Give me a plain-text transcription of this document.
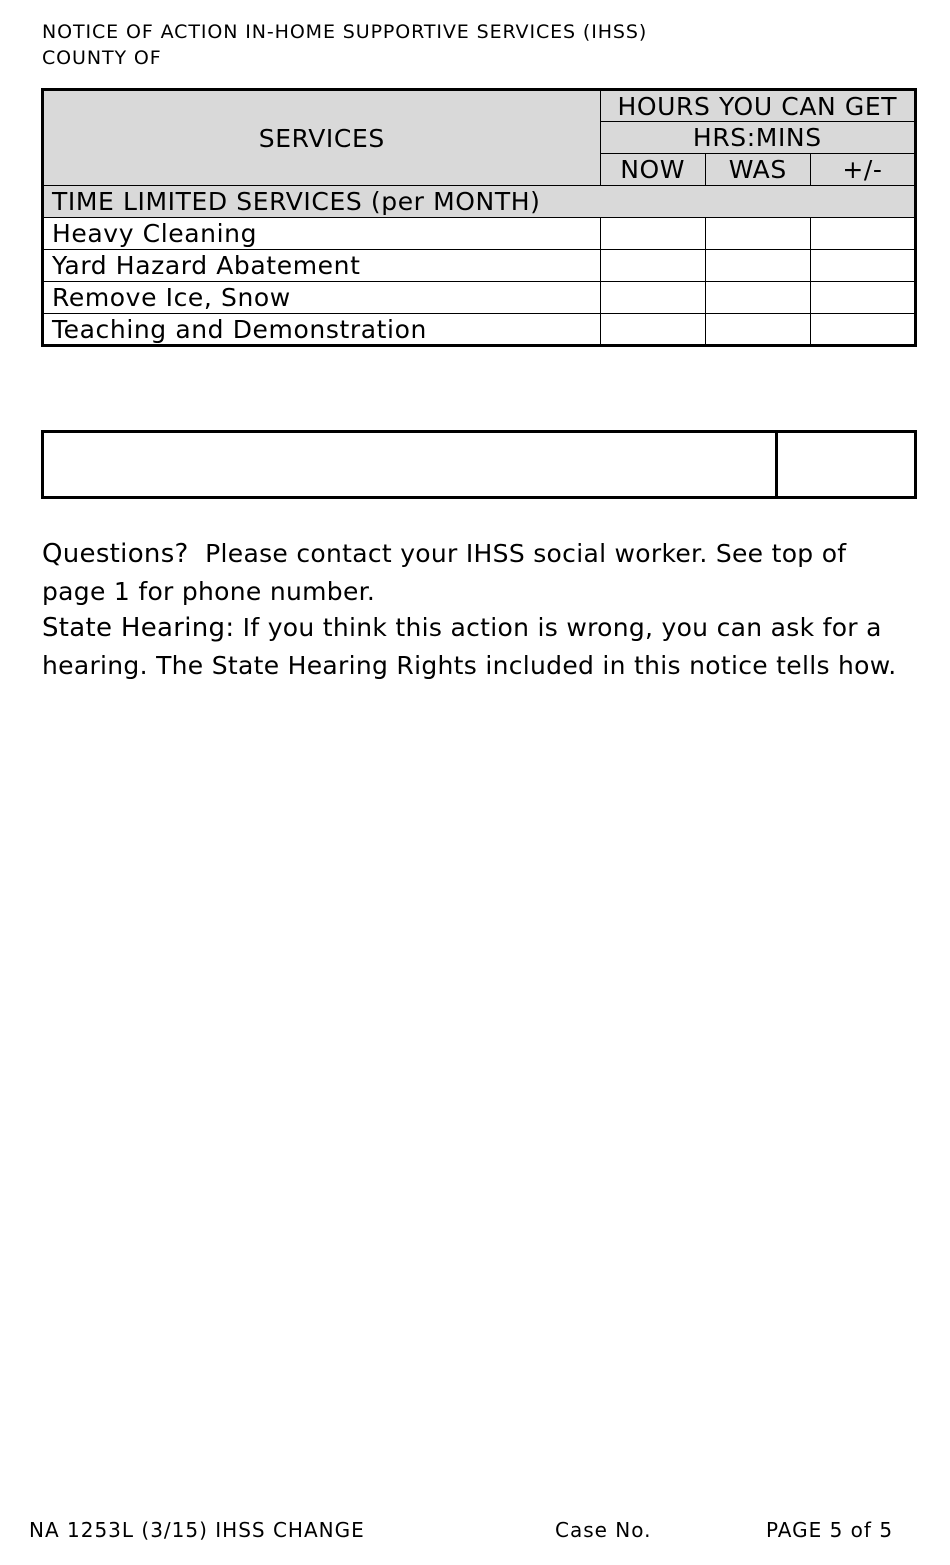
NOTICE OF ACTION IN-HOME SUPPORTIVE SERVICES (IHSS)
COUNTY OF
SERVICES	HOURS YOU CAN GET		
	HRS:MINS		
	NOW	WAS	+/-
TIME LIMITED SERVICES (per MONTH)			
Heavy Cleaning			
Yard Hazard Abatement			
Remove Ice, Snow			
Teaching and Demonstration			
Questions? Please contact your IHSS social worker. See top of page 1 for phone number.
State Hearing: If you think this action is wrong, you can ask for a hearing. The State Hearing Rights included in this notice tells how.
NA 1253L (3/15) IHSS CHANGE	Case No.	PAGE 5 of 5
